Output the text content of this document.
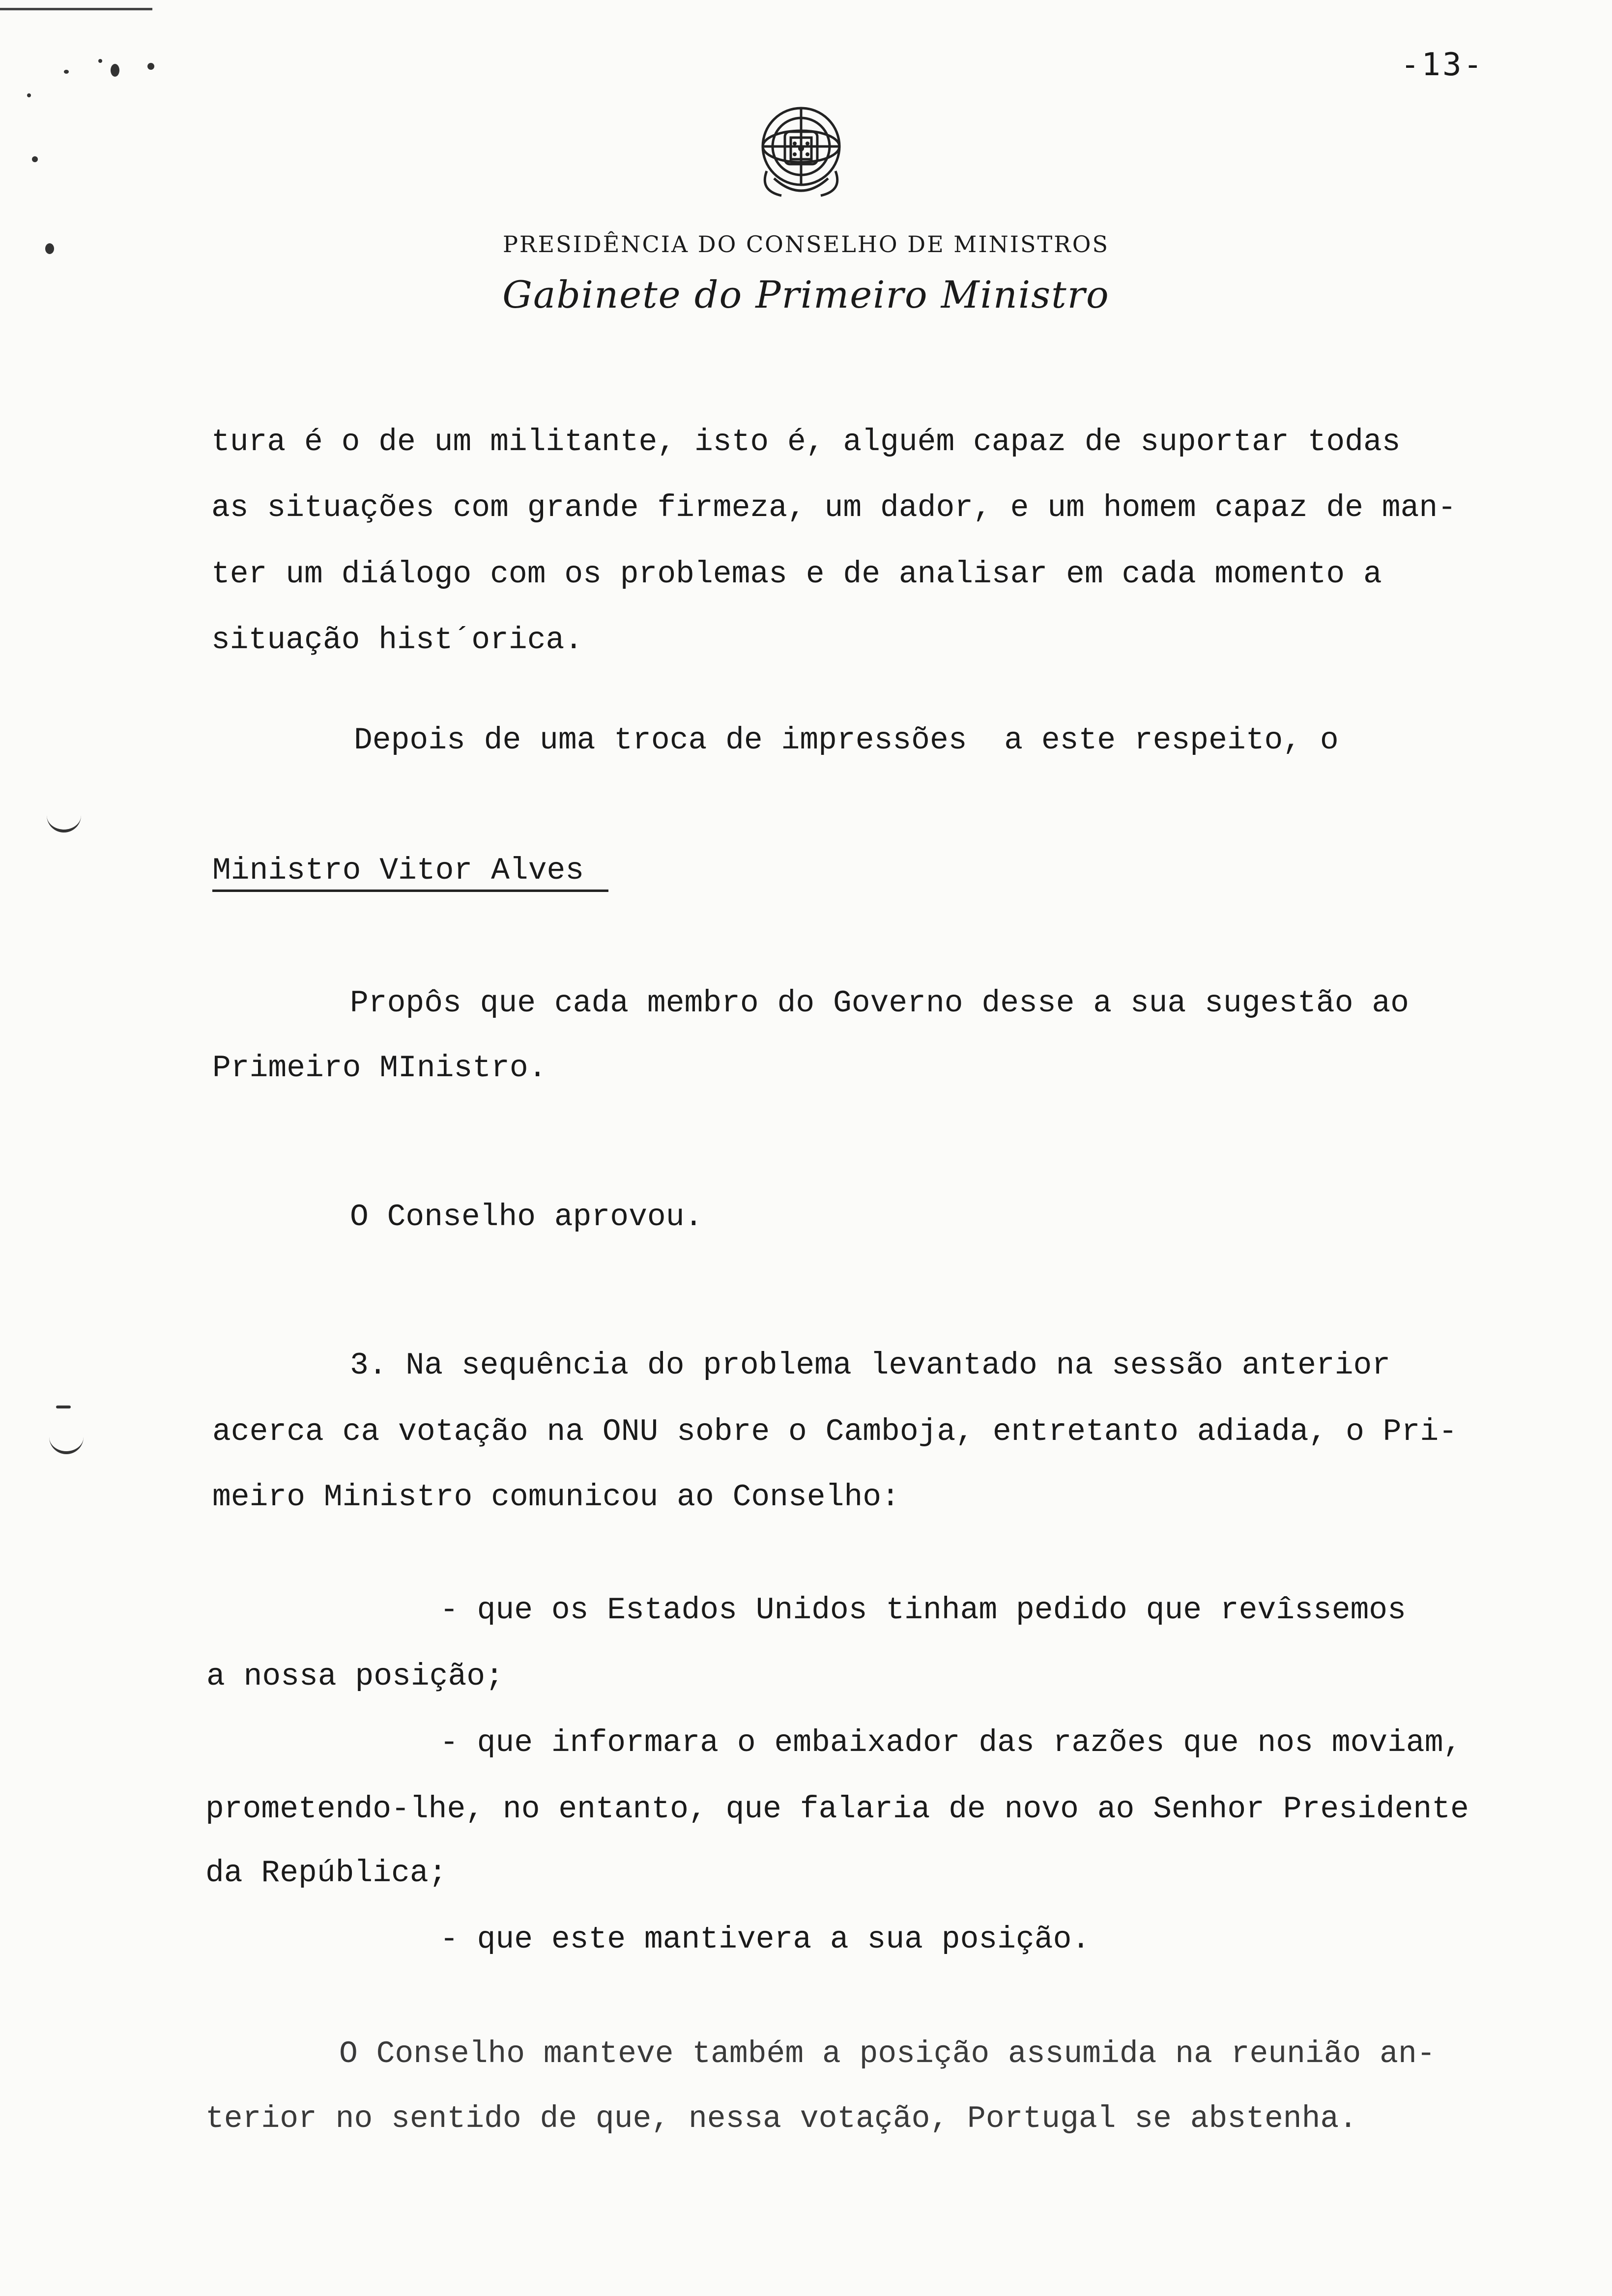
-13-
PRESIDÊNCIA DO CONSELHO DE MINISTROS
Gabinete do Primeiro Ministro
tura é o de um militante, isto é, alguém capaz de suportar todas
as situações com grande firmeza, um dador, e um homem capaz de man-
ter um diálogo com os problemas e de analisar em cada momento a
situação hist´orica.
Depois de uma troca de impressões  a este respeito, o
Ministro Vitor Alves
Propôs que cada membro do Governo desse a sua sugestão ao
Primeiro MInistro.
O Conselho aprovou.
3. Na sequência do problema levantado na sessão anterior
acerca ca votação na ONU sobre o Camboja, entretanto adiada, o Pri-
meiro Ministro comunicou ao Conselho:
- que os Estados Unidos tinham pedido que revîssemos
a nossa posição;
- que informara o embaixador das razões que nos moviam,
prometendo-lhe, no entanto, que falaria de novo ao Senhor Presidente
da República;
- que este mantivera a sua posição.
O Conselho manteve também a posição assumida na reunião an-
terior no sentido de que, nessa votação, Portugal se abstenha.
